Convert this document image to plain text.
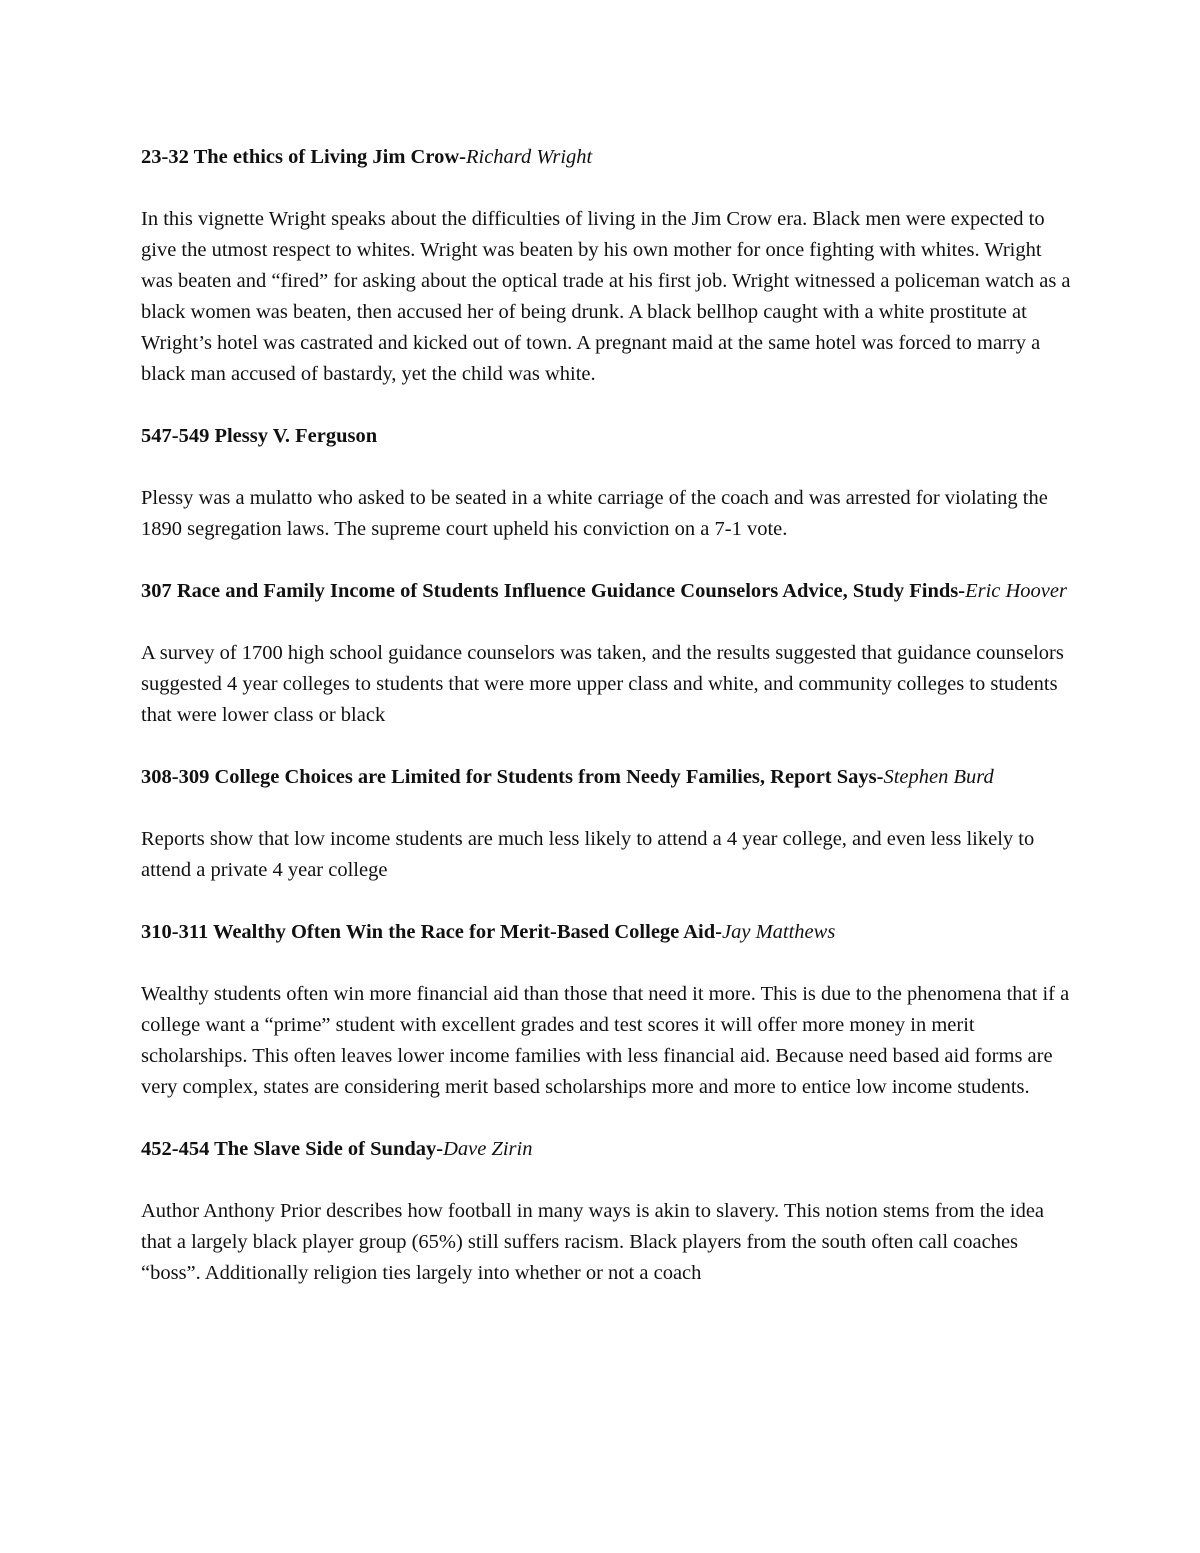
23-32 The ethics of Living Jim Crow-Richard Wright
In this vignette Wright speaks about the difficulties of living in the Jim Crow era. Black men were expected to give the utmost respect to whites. Wright was beaten by his own mother for once fighting with whites. Wright was beaten and “fired” for asking about the optical trade at his first job. Wright witnessed a policeman watch as a black women was beaten, then accused her of being drunk. A black bellhop caught with a white prostitute at Wright’s hotel was castrated and kicked out of town. A pregnant maid at the same hotel was forced to marry a black man accused of bastardy, yet the child was white.
547-549 Plessy V. Ferguson
Plessy was a mulatto who asked to be seated in a white carriage of the coach and was arrested for violating the 1890 segregation laws. The supreme court upheld his conviction on a 7-1 vote.
307 Race and Family Income of Students Influence Guidance Counselors Advice, Study Finds-Eric Hoover
A survey of 1700 high school guidance counselors was taken, and the results suggested that guidance counselors suggested 4 year colleges to students that were more upper class and white, and community colleges to students that were lower class or black
308-309 College Choices are Limited for Students from Needy Families, Report Says-Stephen Burd
Reports show that low income students are much less likely to attend a 4 year college, and even less likely to attend a private 4 year college
310-311 Wealthy Often Win the Race for Merit-Based College Aid-Jay Matthews
Wealthy students often win more financial aid than those that need it more. This is due to the phenomena that if a college want a “prime” student with excellent grades and test scores it will offer more money in merit scholarships. This often leaves lower income families with less financial aid. Because need based aid forms are very complex, states are considering merit based scholarships more and more to entice low income students.
452-454 The Slave Side of Sunday-Dave Zirin
Author Anthony Prior describes how football in many ways is akin to slavery. This notion stems from the idea that a largely black player group (65%) still suffers racism. Black players from the south often call coaches “boss”. Additionally religion ties largely into whether or not a coach
